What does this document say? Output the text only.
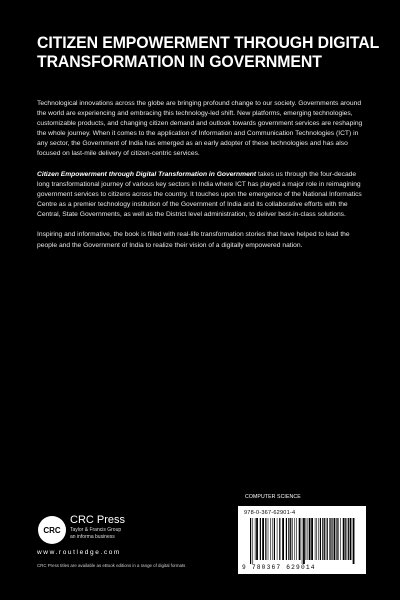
CITIZEN EMPOWERMENT THROUGH DIGITAL
TRANSFORMATION IN GOVERNMENT

Technological innovations across the globe are bringing profound change to our society. Governments around the world are experiencing and embracing this technology-led shift. New platforms, emerging technologies, customizable products, and changing citizen demand and outlook towards government services are reshaping the whole journey. When it comes to the application of Information and Communication Technologies (ICT) in any sector, the Government of India has emerged as an early adopter of these technologies and has also focused on last-mile delivery of citizen-centric services.

Citizen Empowerment through Digital Transformation in Government takes us through the four-decade long transformational journey of various key sectors in India where ICT has played a major role in reimagining government services to citizens across the country. It touches upon the emergence of the National Informatics Centre as a premier technology institution of the Government of India and its collaborative efforts with the Central, State Governments, as well as the District level administration, to deliver best-in-class solutions.

Inspiring and informative, the book is filled with real-life transformation stories that have helped to lead the people and the Government of India to realize their vision of a digitally empowered nation.

COMPUTER SCIENCE
978-0-367-62901-4
9 780367 629014
CRC
CRC Press
Taylor & Francis Group
an informa business
www.routledge.com
CRC Press titles are available as eBook editions in a range of digital formats
